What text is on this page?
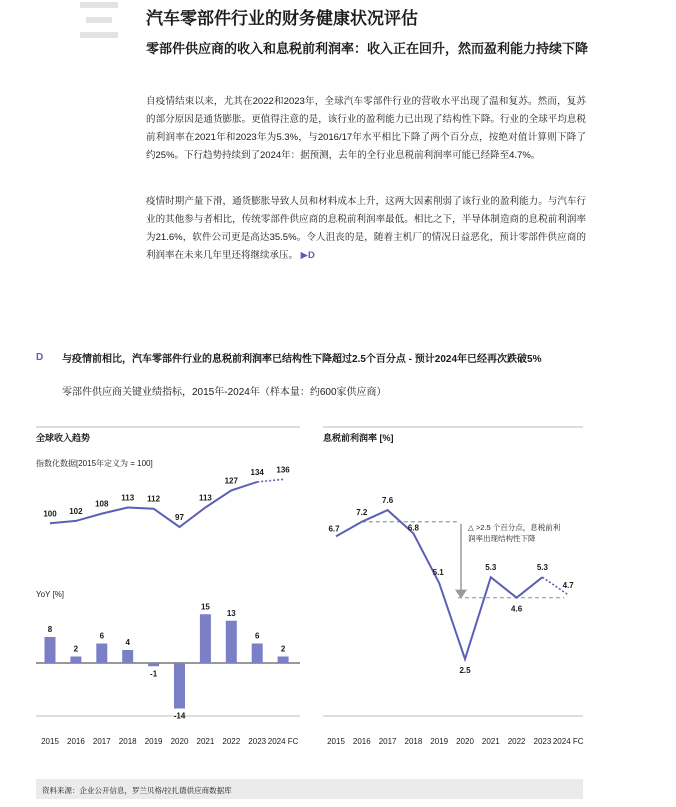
汽车零部件行业的财务健康状况评估
零部件供应商的收入和息税前利润率：收入正在回升，然而盈利能力持续下降
自疫情结束以来，尤其在2022和2023年，全球汽车零部件行业的营收水平出现了温和复苏。然而，复苏的部分原因是通货膨胀。更值得注意的是，该行业的盈利能力已出现了结构性下降。行业的全球平均息税前利润率在2021年和2023年为5.3%，与2016/17年水平相比下降了两个百分点，按绝对值计算则下降了约25%。下行趋势持续到了2024年：据预测，去年的全行业息税前利润率可能已经降至4.7%。
疫情时期产量下滑，通货膨胀导致人员和材料成本上升，这两大因素削弱了该行业的盈利能力。与汽车行业的其他参与者相比，传统零部件供应商的息税前利润率最低。相比之下，半导体制造商的息税前利润率为21.6%，软件公司更是高达35.5%。令人沮丧的是，随着主机厂的情况日益恶化，预计零部件供应商的利润率在未来几年里还将继续承压。 ▶D
D 与疫情前相比，汽车零部件行业的息税前利润率已结构性下降超过2.5个百分点 - 预计2024年已经再次跌破5%
零部件供应商关键业绩指标，2015年-2024年（样本量：约600家供应商）
全球收入趋势
指数化数据[2015年定义为 = 100]
YoY [%]
息税前利润率 [%]
100 102
108
113 112
97
113
127
134 136
8
2
6
4
-1
-14
15
13
6
2
2015 2016 2017 2018 2019 2020 2021 2022 2023 2024 FC
△ >2.5 个百分点，息税前利
润率出现结构性下降
6.7
7.2
7.6
6.8
5.1
2.5
5.3
4.6
5.3
4.7
2015 2016 2017 2018 2019 2020 2021 2022 2023 2024 FC
资料来源：企业公开信息，罗兰贝格/拉扎德供应商数据库
